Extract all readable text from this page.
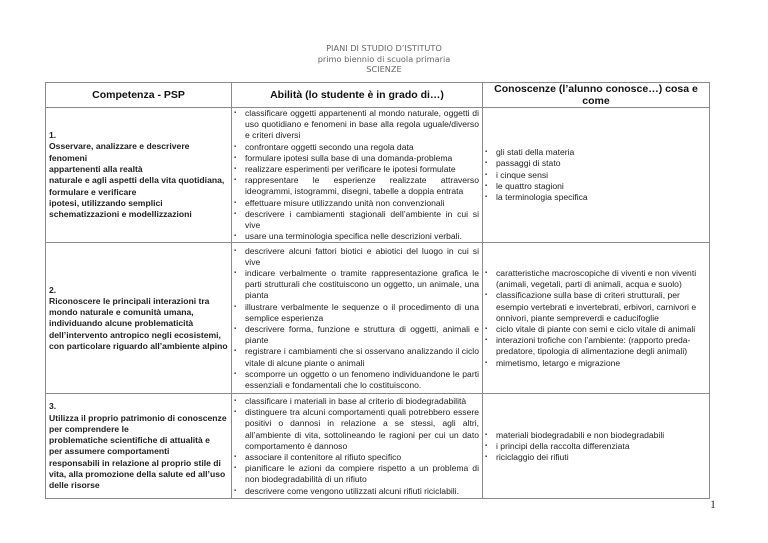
PIANI DI STUDIO D’ISTITUTO
primo biennio di scuola primaria
SCIENZE
Competenza - PSP	Abilità (lo studente è in grado di…)	Conoscenze (l’alunno conosce…) cosa e come

1.
Osservare, analizzare e descrivere fenomeni
appartenenti alla realtà
naturale e agli aspetti della vita quotidiana,
formulare e verificare
ipotesi, utilizzando semplici
schematizzazioni e modellizzazioni

▪ classificare oggetti appartenenti al mondo naturale, oggetti di uso quotidiano e fenomeni in base alla regola uguale/diverso e criteri diversi
▪ confrontare oggetti secondo una regola data
▪ formulare ipotesi sulla base di una domanda-problema
▪ realizzare esperimenti per verificare le ipotesi formulate
▪ rappresentare le esperienze realizzate attraverso ideogrammi, istogrammi, disegni, tabelle a doppia entrata
▪ effettuare misure utilizzando unità non convenzionali
▪ descrivere i cambiamenti stagionali dell’ambiente in cui si vive
▪ usare una terminologia specifica nelle descrizioni verbali.

▪ gli stati della materia
▪ passaggi di stato
▪ i cinque sensi
▪ le quattro stagioni
▪ la terminologia specifica

2.
Riconoscere le principali interazioni tra
mondo naturale e comunità umana,
individuando alcune problematicità
dell’intervento antropico negli ecosistemi,
con particolare riguardo all’ambiente alpino

▪ descrivere alcuni fattori biotici e abiotici del luogo in cui si vive
▪ indicare verbalmente o tramite rappresentazione grafica le parti strutturali che costituiscono un oggetto, un animale, una pianta
▪ illustrare verbalmente le sequenze o il procedimento di una semplice esperienza
▪ descrivere forma, funzione e struttura di oggetti, animali e piante
▪ registrare i cambiamenti che si osservano analizzando il ciclo vitale di alcune piante o animali
▪ scomporre un oggetto o un fenomeno individuandone le parti essenziali e fondamentali che lo costituiscono.

▪ caratteristiche macroscopiche di viventi e non viventi (animali, vegetali, parti di animali, acqua e suolo)
▪ classificazione sulla base di criteri strutturali, per esempio vertebrati e invertebrati, erbivori, carnivori e onnivori, piante sempreverdi e caducifoglie
▪ ciclo vitale di piante con semi e ciclo vitale di animali
▪ interazioni trofiche con l’ambiente: (rapporto preda-predatore, tipologia di alimentazione degli animali)
▪ mimetismo, letargo e migrazione

3.
Utilizza il proprio patrimonio di conoscenze
per comprendere le
problematiche scientifiche di attualità e
per assumere comportamenti
responsabili in relazione al proprio stile di
vita, alla promozione della salute ed all’uso
delle risorse

▪ classificare i materiali in base al criterio di biodegradabilità
▪ distinguere tra alcuni comportamenti quali potrebbero essere positivi o dannosi in relazione a se stessi, agli altri, all’ambiente di vita, sottolineando le ragioni per cui un dato comportamento è dannoso
▪ associare il contenitore al rifiuto specifico
▪ pianificare le azioni da compiere rispetto a un problema di non biodegradabilità di un rifiuto
▪ descrivere come vengono utilizzati alcuni rifiuti riciclabili.

▪ materiali biodegradabili e non biodegradabili
▪ i principi della raccolta differenziata
▪ riciclaggio dei rifiuti
1
